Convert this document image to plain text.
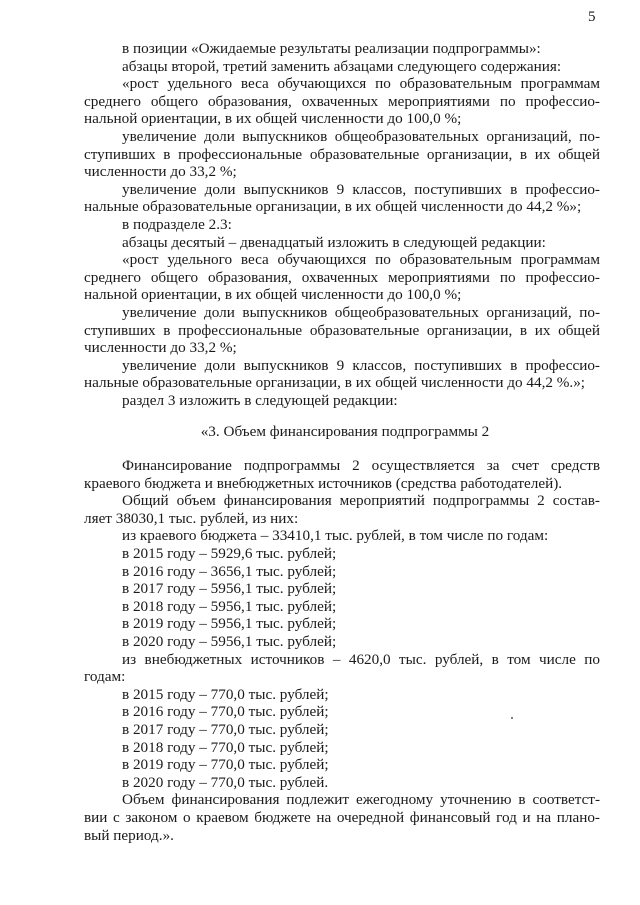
5

в позиции «Ожидаемые результаты реализации подпрограммы»:

абзацы второй, третий заменить абзацами следующего содержания:

«рост удельного веса обучающихся по образовательным программам

среднего общего образования, охваченных мероприятиями по профессио-

нальной ориентации, в их общей численности до 100,0 %;

увеличение доли выпускников общеобразовательных организаций, по-

ступивших в профессиональные образовательные организации, в их общей

численности до 33,2 %;

увеличение доли выпускников 9 классов, поступивших в профессио-

нальные образовательные организации, в их общей численности до 44,2 %»;

в подразделе 2.3:

абзацы десятый – двенадцатый изложить в следующей редакции:

«рост удельного веса обучающихся по образовательным программам

среднего общего образования, охваченных мероприятиями по профессио-

нальной ориентации, в их общей численности до 100,0 %;

увеличение доли выпускников общеобразовательных организаций, по-

ступивших в профессиональные образовательные организации, в их общей

численности до 33,2 %;

увеличение доли выпускников 9 классов, поступивших в профессио-

нальные образовательные организации, в их общей численности до 44,2 %.»;

раздел 3 изложить в следующей редакции:

«3. Объем финансирования подпрограммы 2

Финансирование подпрограммы 2 осуществляется за счет средств

краевого бюджета и внебюджетных источников (средства работодателей).

Общий объем финансирования мероприятий подпрограммы 2 состав-

ляет 38030,1 тыс. рублей, из них:

из краевого бюджета – 33410,1 тыс. рублей, в том числе по годам:

в 2015 году – 5929,6 тыс. рублей;

в 2016 году – 3656,1 тыс. рублей;

в 2017 году – 5956,1 тыс. рублей;

в 2018 году – 5956,1 тыс. рублей;

в 2019 году – 5956,1 тыс. рублей;

в 2020 году – 5956,1 тыс. рублей;

из внебюджетных источников – 4620,0 тыс. рублей, в том числе по

годам:

в 2015 году – 770,0 тыс. рублей;

в 2016 году – 770,0 тыс. рублей;

в 2017 году – 770,0 тыс. рублей;

в 2018 году – 770,0 тыс. рублей;

в 2019 году – 770,0 тыс. рублей;

в 2020 году – 770,0 тыс. рублей.

Объем финансирования подлежит ежегодному уточнению в соответст-

вии с законом о краевом бюджете на очередной финансовый год и на плано-

вый период.».
